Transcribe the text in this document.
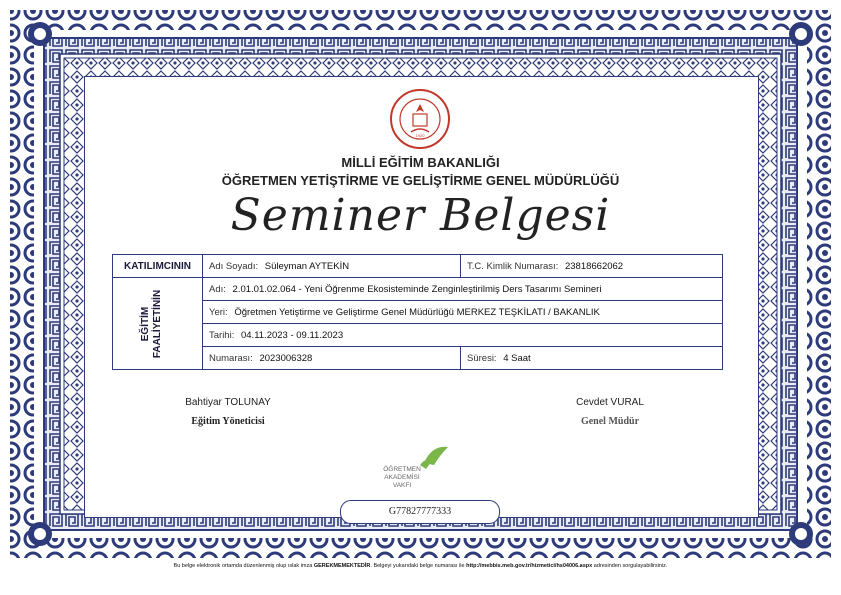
1920
MİLLİ EĞİTİM BAKANLIĞI
ÖĞRETMEN YETİŞTİRME VE GELİŞTİRME GENEL MÜDÜRLÜĞÜ
Seminer Belgesi
KATILIMCININ	Adı Soyadı: Süleyman AYTEKİN	T.C. Kimlik Numarası: 23818662062

EĞİTİM
FAALİYETİNİN	Adı: 2.01.01.02.064 - Yeni Öğrenme Ekosisteminde Zenginleştirilmiş Ders Tasarımı Semineri	
	Yeri: Öğretmen Yetiştirme ve Geliştirme Genel Müdürlüğü MERKEZ TEŞKİLATI / BAKANLIK	
	Tarihi: 04.11.2023 - 09.11.2023	
	Numarası: 2023006328	Süresi: 4 Saat
Bahtiyar TOLUNAY
Eğitim Yöneticisi
Cevdet VURAL
Genel Müdür
ÖĞRETMEN
AKADEMİSİ
VAKFI
G77827777333
Bu belge elektronik ortamda düzenlenmiş olup ıslak imza GEREKMEMEKTEDİR. Belgeyi yukarıdaki belge numarası ile http://mebbis.meb.gov.tr/hizmetici/hs04006.aspx adresinden sorgulayabilirsiniz.
